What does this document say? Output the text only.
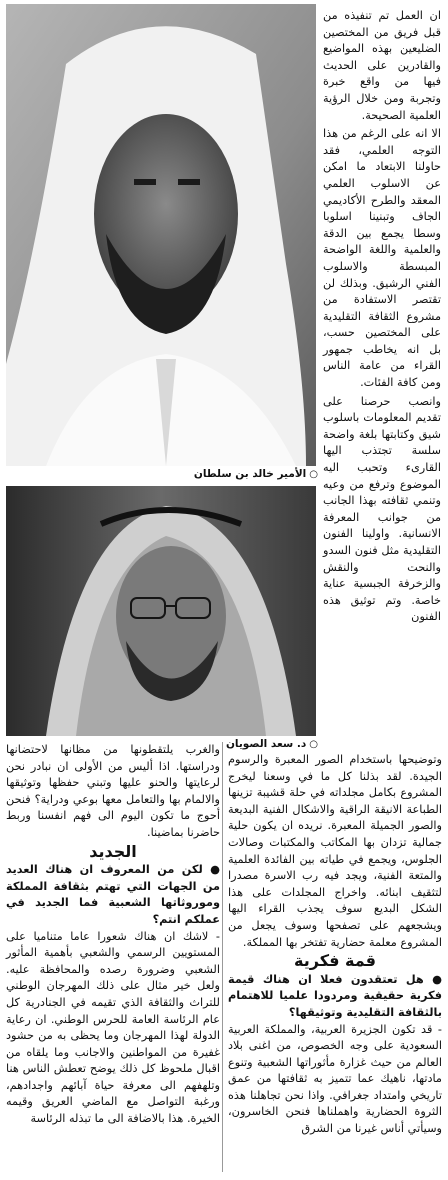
ان العمل تم تنفيذه من قبل فريق من المختصين الضليعين بهذه المواضيع والقادرين على الحديث فيها من واقع خبرة وتجربة ومن خلال الرؤية العلمية الصحيحة.

الا انه على الرغم من هذا التوجه العلمي، فقد حاولنا الابتعاد ما امكن عن الاسلوب العلمي المعقد والطرح الأكاديمي الجاف وتبنينا اسلوبا وسطا يجمع بين الدقة والعلمية واللغة الواضحة المبسطة والاسلوب الفني الرشيق. وبذلك لن تقتصر الاستفادة من مشروع الثقافة التقليدية على المختصين حسب، بل انه يخاطب جمهور القراء من عامة الناس ومن كافة الفئات.

وانصب حرصنا على تقديم المعلومات باسلوب شيق وكتابتها بلغة واضحة سلسة تجتذب اليها القارىء وتحبب اليه الموضوع وترفع من وعيه وتنمي ثقافته بهذا الجانب من جوانب المعرفة الانسانية. واولينا الفنون التقليدية مثل فنون السدو والنحت والنقش والزخرفة الجبسية عناية خاصة. وتم توثيق هذه الفنون

○الأمير خالد بن سلطان
○د. سعد الصويان
والغرب يلتقطونها من مظانها لاحتضانها ودراستها. اذا أليس من الأولى ان نبادر نحن لرعايتها والحنو عليها وتبني حفظها وتوثيقها والالمام بها والتعامل معها بوعي ودراية؟ فنحن أحوج ما تكون اليوم الى فهم انفسنا وربط حاضرنا بماضينا.
الجديد
● لكن من المعروف ان هناك العديد من الجهات التي تهتم بثقافة المملكة وموروثاتها الشعبية فما الجديد في عملكم انتم؟
- لاشك ان هناك شعورا عاما متناميا على المستويين الرسمي والشعبي بأهمية المأثور الشعبي وضرورة رصده والمحافظة عليه. ولعل خير مثال على ذلك المهرجان الوطني للتراث والثقافة الذي تقيمه في الجنادرية كل عام الرئاسة العامة للحرس الوطني. ان رعاية الدولة لهذا المهرجان وما يحظى به من حشود غفيرة من المواطنين والاجانب وما يلقاه من اقبال ملحوظ كل ذلك يوضح تعطش الناس هنا وتلهفهم الى معرفة حياة آبائهم واجدادهم، ورغبة التواصل مع الماضي العريق وقيمه الخيرة. هذا بالاضافة الى ما تبذله الرئاسة
وتوضيحها باستخدام الصور المعبرة والرسوم الجيدة. لقد بذلنا كل ما في وسعنا ليخرج المشروع بكامل مجلداته في حلة قشيبة تزينها الطباعة الانيقة الراقية والاشكال الفنية البديعة والصور الجميلة المعبرة. نريده ان يكون حلية جمالية تزدان بها المكاتب والمكتبات وصالات الجلوس، ويجمع في طياته بين الفائدة العلمية والمتعة الفنية، ويجد فيه رب الاسرة مصدرا لتثقيف ابنائه. واخراج المجلدات على هذا الشكل البديع سوف يجذب القراء اليها ويشجعهم على تصفحها وسوف يجعل من المشروع معلمة حضارية تفتخر بها المملكة.
قمة فكرية
● هل تعتقدون فعلا ان هناك قيمة فكرية حقيقية ومردودا علميا للاهتمام بالثقافة التقليدية وتوثيقها؟
- قد تكون الجزيرة العربية، والمملكة العربية السعودية على وجه الخصوص، من اغنى بلاد العالم من حيث غزارة مأثوراتها الشعبية وتنوع مادتها، ناهيك عما تتميز به ثقافتها من عمق تاريخي وامتداد جغرافي. واذا نحن تجاهلنا هذه الثروة الحضارية واهملناها فنحن الخاسرون، وسيأتي أناس غيرنا من الشرق
